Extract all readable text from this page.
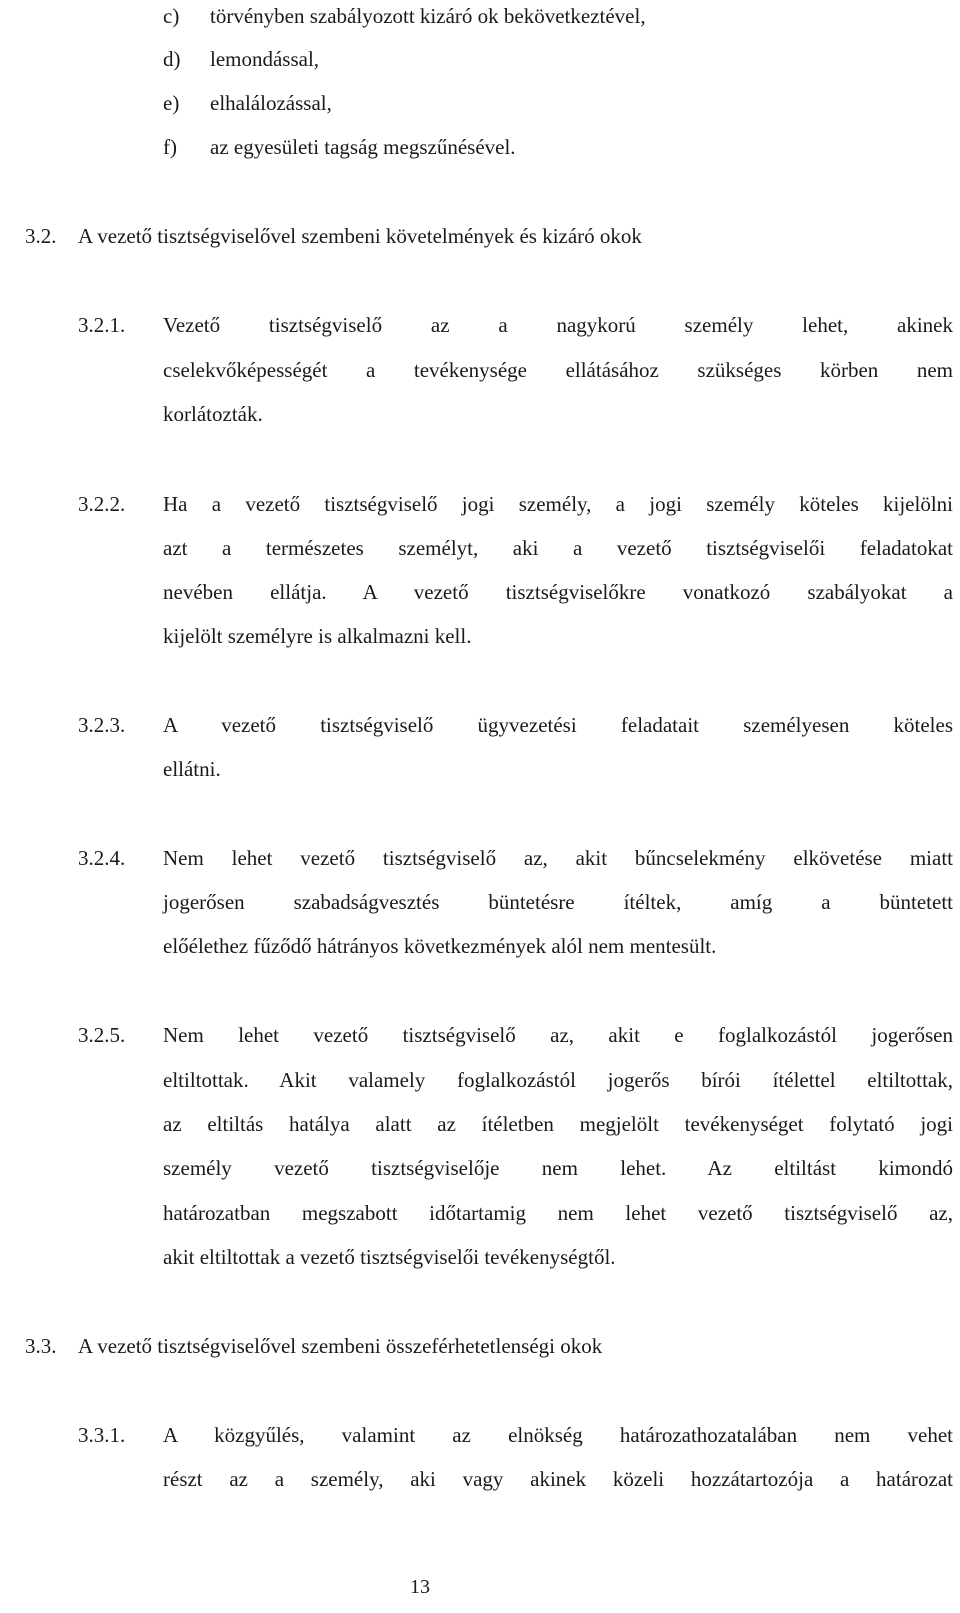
c) törvényben szabályozott kizáró ok bekövetkeztével,
d) lemondással,
e) elhalálozással,
f) az egyesületi tagság megszűnésével.
3.2. A vezető tisztségviselővel szembeni követelmények és kizáró okok
3.2.1. Vezető tisztségviselő az a nagykorú személy lehet, akinek
cselekvőképességét a tevékenysége ellátásához szükséges körben nem
korlátozták.
3.2.2. Ha a vezető tisztségviselő jogi személy, a jogi személy köteles kijelölni
azt a természetes személyt, aki a vezető tisztségviselői feladatokat
nevében ellátja. A vezető tisztségviselőkre vonatkozó szabályokat a
kijelölt személyre is alkalmazni kell.
3.2.3. A vezető tisztségviselő ügyvezetési feladatait személyesen köteles
ellátni.
3.2.4. Nem lehet vezető tisztségviselő az, akit bűncselekmény elkövetése miatt
jogerősen szabadságvesztés büntetésre ítéltek, amíg a büntetett
előélethez fűződő hátrányos következmények alól nem mentesült.
3.2.5. Nem lehet vezető tisztségviselő az, akit e foglalkozástól jogerősen
eltiltottak. Akit valamely foglalkozástól jogerős bírói ítélettel eltiltottak,
az eltiltás hatálya alatt az ítéletben megjelölt tevékenységet folytató jogi
személy vezető tisztségviselője nem lehet. Az eltiltást kimondó
határozatban megszabott időtartamig nem lehet vezető tisztségviselő az,
akit eltiltottak a vezető tisztségviselői tevékenységtől.
3.3. A vezető tisztségviselővel szembeni összeférhetetlenségi okok
3.3.1. A közgyűlés, valamint az elnökség határozathozatalában nem vehet
részt az a személy, aki vagy akinek közeli hozzátartozója a határozat
13
